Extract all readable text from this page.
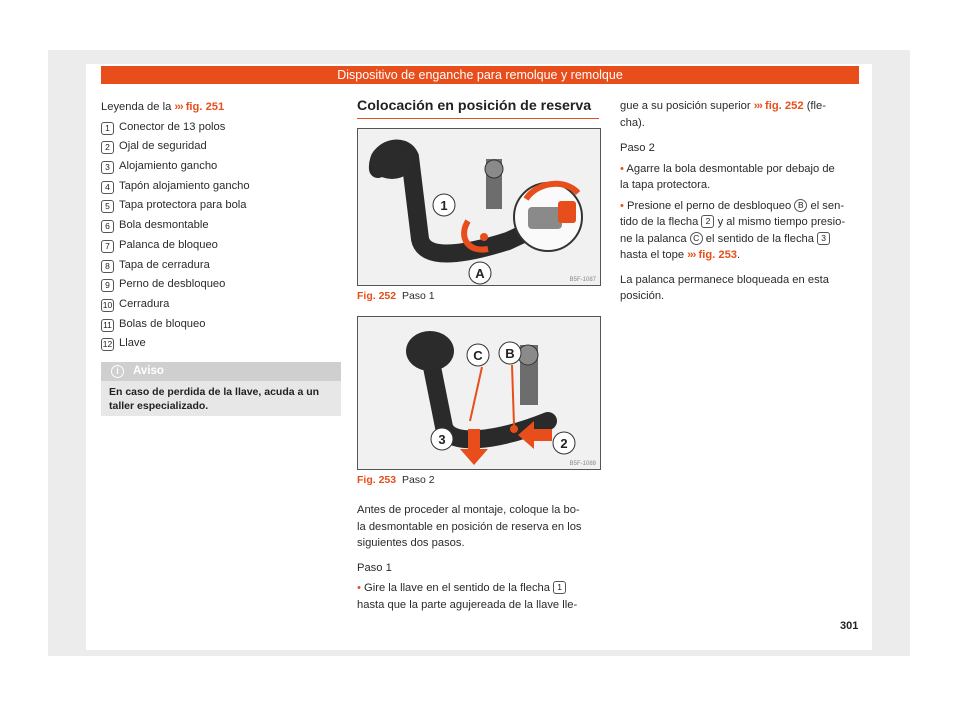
Dispositivo de enganche para remolque y remolque
Leyenda de la ››› fig. 251
1 Conector de 13 polos
2 Ojal de seguridad
3 Alojamiento gancho
4 Tapón alojamiento gancho
5 Tapa protectora para bola
6 Bola desmontable
7 Palanca de bloqueo
8 Tapa de cerradura
9 Perno de desbloqueo
10 Cerradura
11 Bolas de bloqueo
12 Llave
i	Aviso
En caso de perdida de la llave, acuda a un taller especializado.
Colocación en posición de reserva
1
A	B5F-1087
Fig. 252 Paso 1
C B
3	2
B5F-1088
Fig. 253 Paso 2

Antes de proceder al montaje, coloque la bo-

la desmontable en posición de reserva en los

siguientes dos pasos.

Paso 1

• Gire la llave en el sentido de la flecha 1

hasta que la parte agujereada de la llave lle-

gue a su posición superior ››› fig. 252 (fle-

cha).

Paso 2

• Agarre la bola desmontable por debajo de

la tapa protectora.

• Presione el perno de desbloqueo B el sen-

tido de la flecha 2 y al mismo tiempo presio-

ne la palanca C el sentido de la flecha 3

hasta el tope ››› fig. 253.

La palanca permanece bloqueada en esta

posición.

301
